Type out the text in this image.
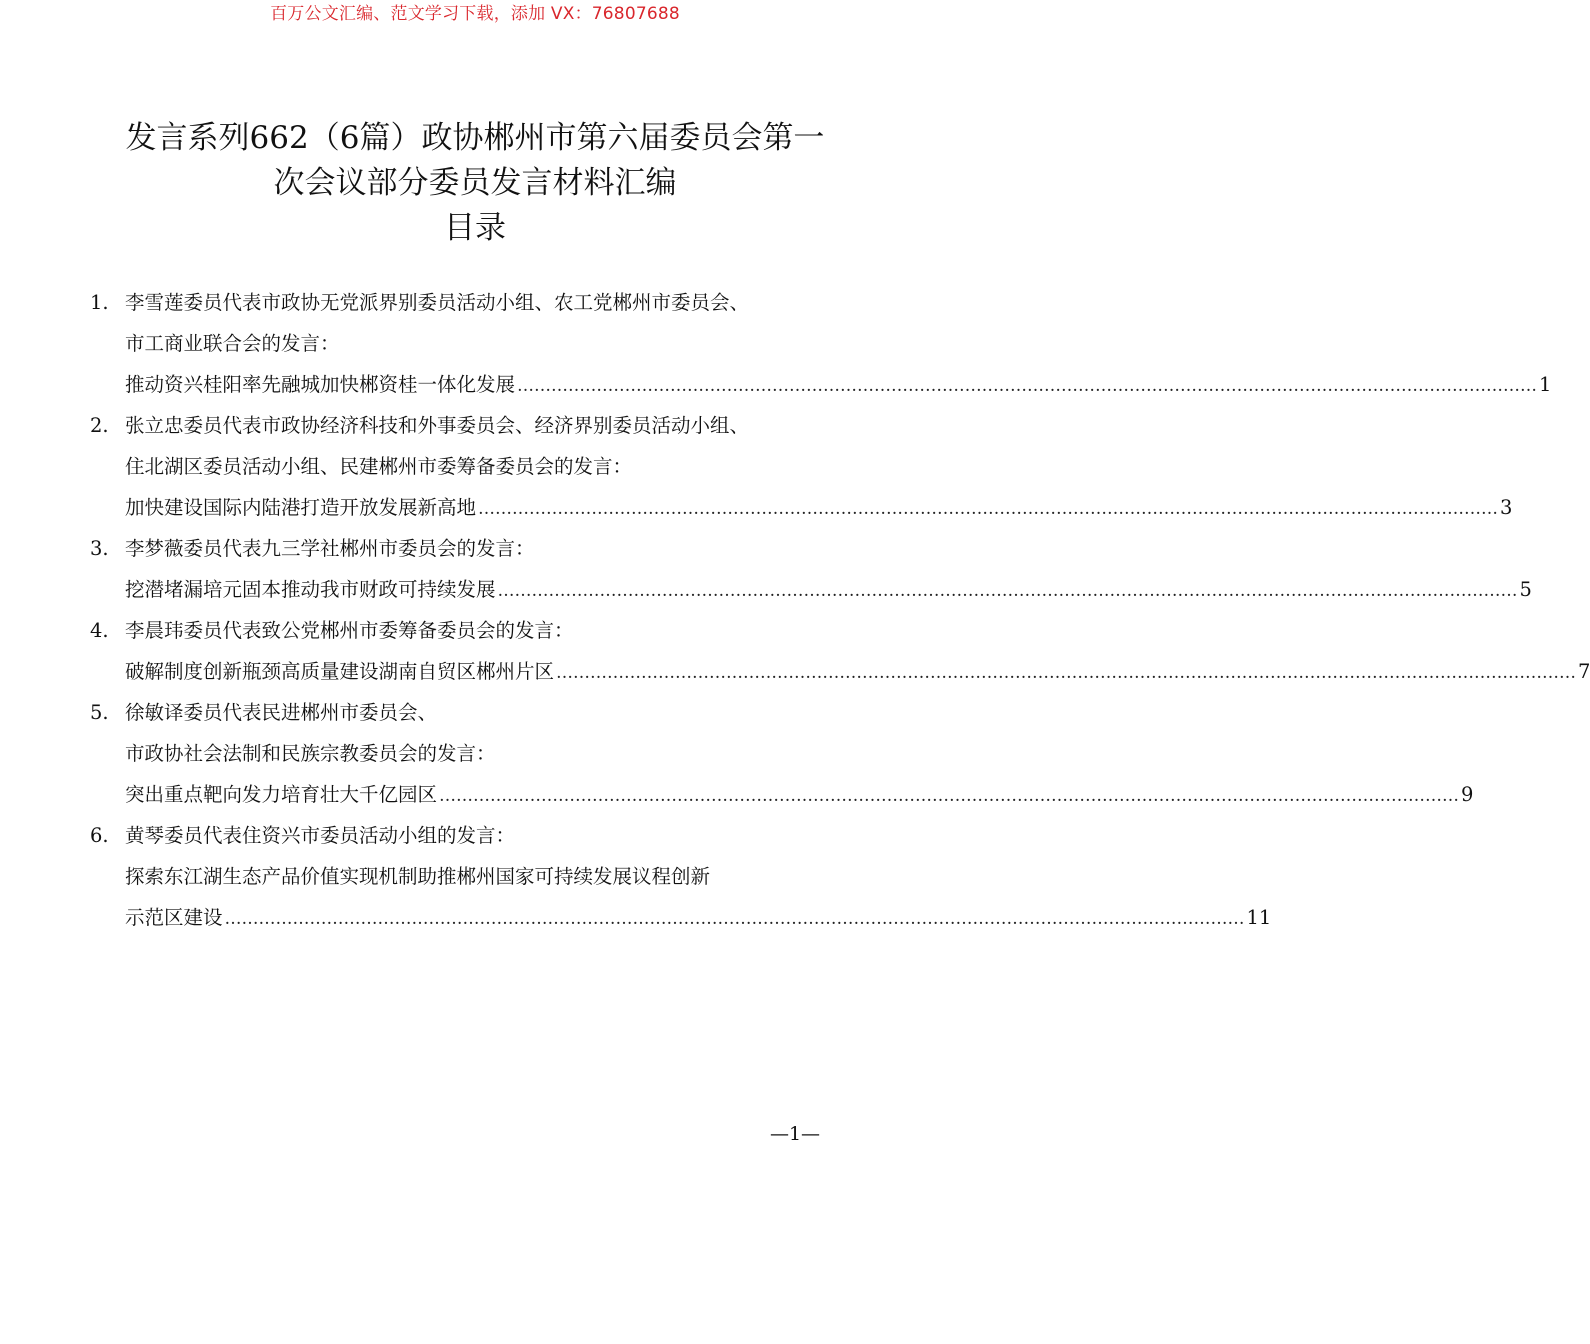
百万公文汇编、范文学习下载，添加 VX：76807688
发言系列662（6篇）政协郴州市第六届委员会第一
次会议部分委员发言材料汇编
目录
1. 李雪莲委员代表市政协无党派界别委员活动小组、农工党郴州市委员会、
市工商业联合会的发言：
推动资兴桂阳率先融城加快郴资桂一体化发展 ……………………………………………………………………………………………………………………………………………………………… 1
2. 张立忠委员代表市政协经济科技和外事委员会、经济界别委员活动小组、
住北湖区委员活动小组、民建郴州市委筹备委员会的发言：
加快建设国际内陆港打造开放发展新高地 ……………………………………………………………………………………………………………………………………………………………… 3
3. 李梦薇委员代表九三学社郴州市委员会的发言：
挖潜堵漏培元固本推动我市财政可持续发展 ……………………………………………………………………………………………………………………………………………………………… 5
4. 李晨玮委员代表致公党郴州市委筹备委员会的发言：
破解制度创新瓶颈高质量建设湖南自贸区郴州片区 ……………………………………………………………………………………………………………………………………………………………… 7
5. 徐敏译委员代表民进郴州市委员会、
市政协社会法制和民族宗教委员会的发言：
突出重点靶向发力培育壮大千亿园区 ……………………………………………………………………………………………………………………………………………………………… 9
6. 黄琴委员代表住资兴市委员活动小组的发言：
探索东江湖生态产品价值实现机制助推郴州国家可持续发展议程创新
示范区建设 ……………………………………………………………………………………………………………………………………………………………… 11
—1—
